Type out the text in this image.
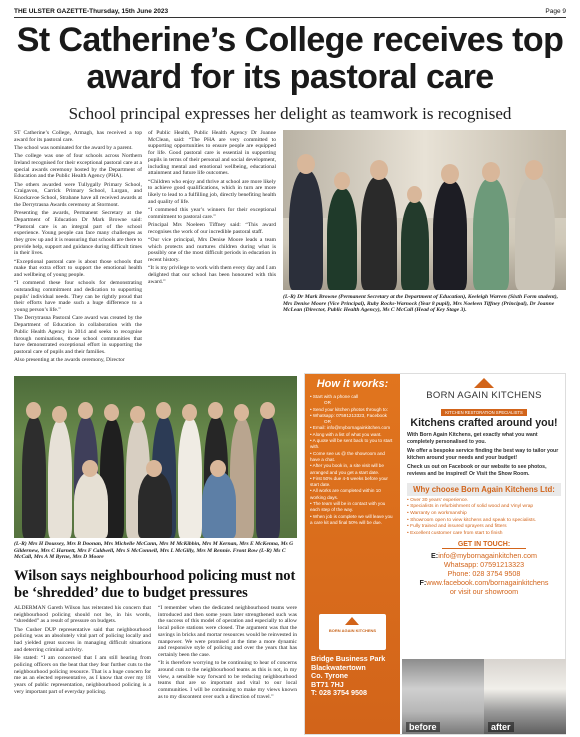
THE ULSTER GAZETTE-Thursday, 15th June 2023	Page 9
St Catherine’s College receives top award for its pastoral care
School principal expresses her delight as teamwork is recognised

ST Catherine’s College, Armagh, has received a top award for its pastoral care.

The school was nominated for the award by a parent.

The college was one of four schools across Northern Ireland recognised for their exceptional pastoral care at a special awards ceremony hosted by the Department of Education and the Public Health Agency (PHA).

The others awarded were Tullygally Primary School, Craigavon, Carrick Primary School, Lurgan, and Knockavoe School, Strabane have all received awards at the Derrytrasna Awards ceremony at Stormont.

Presenting the awards, Permanent Secretary at the Department of Education Dr Mark Browne said: “Pastoral care is an integral part of the school experience. Young people can face many challenges as they grow up and it is reassuring that schools are there to provide help, support and guidance during difficult times in their lives.

“Exceptional pastoral care is about those schools that make that extra effort to support the emotional health and wellbeing of young people.

“I commend these four schools for demonstrating outstanding commitment and dedication to supporting pupils’ individual needs. They can be rightly proud that their efforts have made such a huge difference to a young person’s life.”

The Derrytrasna Pastoral Care award was created by the Department of Education in collaboration with the Public Health Agency in 2014 and seeks to recognise through nominations, those school communities that have demonstrated exceptional effort in supporting the pastoral care of pupils and their families.

Also presenting at the awards ceremony, Director

of Public Health, Public Health Agency Dr Joanne McClean, said: “The PHA are very committed to supporting opportunities to ensure people are equipped for life. Good pastoral care is essential in supporting pupils in terms of their personal and social development, including mental and emotional wellbeing, educational attainment and future life outcomes.

“Children who enjoy and thrive at school are more likely to achieve good qualifications, which in turn are more likely to lead to a fulfilling job, directly benefiting health and quality of life.

“I commend this year’s winners for their exceptional commitment to pastoral care.”

Principal Mrs Noeleen Tiffney said: “This award recognises the work of our incredible pastoral staff.

“Our vice principal, Mrs Denise Moore leads a team which protects and nurtures children during what is possibly one of the most difficult periods in education in recent history.

“It is my privilege to work with them every day and I am delighted that our school has been honoured with this award.”

(L-R) Dr Mark Browne (Permanent Secretary at the Department of Education), Keeleigh Warren (Sixth Form student), Mrs Denise Moore (Vice Principal), Ruby Rocks-Warnock (Year 8 pupil), Mrs Noeleen Tiffney (Principal), Dr Joanne McLean (Director, Public Health Agency), Ms C McCall (Head of Key Stage 3).
(L-R) Mrs H Doussey, Mrs B Doonan, Mrs Michelle McCann, Mrs M McKibbin, Mrs M Kernan, Mrs E McKenna, Ms G Gildernew, Mrs C Harnett, Mrs F Caldwell, Mrs S McConnell, Mrs L McGilly, Mrs M Rennie. Front Row (L-R) Ms C McCall, Mrs A M Byrne, Mrs D Moore
Wilson says neighbourhood policing must not be ‘shredded’ due to budget pressures

ALDERMAN Gareth Wilson has reiterated his concern that neighbourhood policing should not be, in his words, “shredded” as a result of pressure on budgets.

The Cusher DUP representative said that neighbourhood policing was an absolutely vital part of policing locally and had yielded great success in managing difficult situations and deterring criminal activity.

He stated: “I am concerned that I am still hearing from policing officers on the beat that they fear further cuts to the neighbourhood policing resource. That is a huge concern for me as an elected representative, as I know that over my 18 years of public representation, neighbourhood policing is a very important part of everyday policing.

“I remember when the dedicated neighbourhood teams were introduced and then some years later strengthened such was the success of this model of operation and especially to allow local police stations were closed. The argument was that the savings in bricks and mortar resources would be reinvested in manpower. We were promised at the time a more dynamic and responsive style of policing and over the years that has certainly been the case.

“It is therefore worrying to be continuing to hear of concerns around cuts to the neighbourhood teams as this is not, in my view, a sensible way forward to be reducing neighbourhood teams that are so important and vital to our local communities. I will be continuing to make my views known as to my discontent over such a direction of travel.”

How it works:
• Start with a phone call
OR
• Send your kitchen photos through to:
• Whatsapp: 07591213323, Facebook
OR
• Email: info@mybornagainkitchen.com
• Along with a list of what you want.
• A quote will be sent back to you to start with.
• Come see us @ the showroom and have a chat.
• After you book in, a site visit will be arranged and you get a start date.
• First 50% due 4-5 weeks before your start date.
• All works are completed within 10 working days.
• The team will be in contact with you each step of the way.
• When job is complete we will leave you a care kit and final 50% will be due.
BORN AGAIN KITCHENS
Bridge Business Park
Blackwatertown
Co. Tyrone
BT71 7HJ
T: 028 3754 9508
BORN AGAIN KITCHENS
KITCHEN RESTORATION SPECIALISTS
Kitchens crafted around you!

With Born Again Kitchens, get exactly what you want completely personalised to you.

We offer a bespoke service finding the best way to tailor your kitchen around your needs and your budget!

Check us out on Facebook or our website to see photos, reviews and be inspired! Or Visit the Show Room.

Why choose Born Again Kitchens Ltd:
• Over 30 years' experience.
• Specialists in refurbishment of solid wood and Vinyl wrap
• Warranty on workmanship
• Showroom open to view kitchens and speak to specialists.
• Fully trained and insured sprayers and fitters
• Excellent customer care from start to finish
GET IN TOUCH:
E:info@mybornagainkitchen.com
Whatsapp: 07591213323
Phone: 028 3754 9508
F:www.facebook.com/bornagainkitchens
or visit our showroom
before	after
